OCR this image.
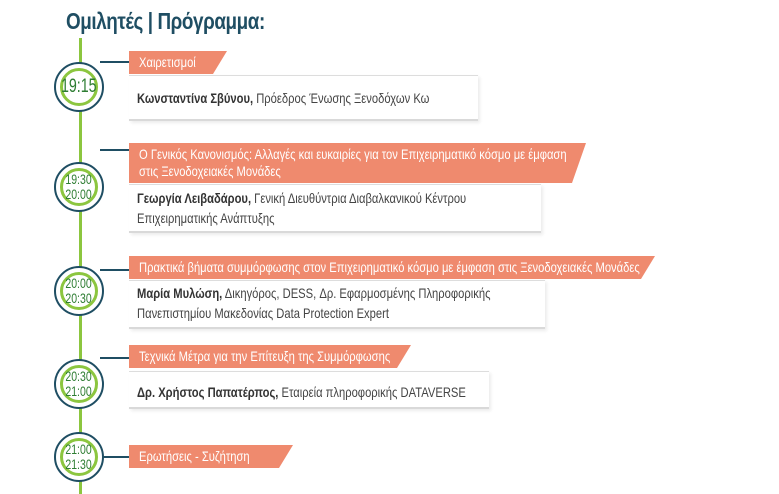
Ομιλητές | Πρόγραμμα:
19:15
Χαιρετισμοί
Κωνσταντίνα Σβύνου, Πρόεδρος Ένωσης Ξενοδόχων Κω
19:30
20:00
Ο Γενικός Κανονισμός: Αλλαγές και ευκαιρίες για τον Επιχειρηματικό κόσμο με έμφαση στις Ξενοδοχειακές Μονάδες
Γεωργία Λειβαδάρου, Γενική Διευθύντρια Διαβαλκανικού Κέντρου
Επιχειρηματικής Ανάπτυξης
20:00
20:30
Πρακτικά βήματα συμμόρφωσης στον Επιχειρηματικό κόσμο με έμφαση στις Ξενοδοχειακές Μονάδες
Μαρία Μυλώση, Δικηγόρος, DESS, Δρ. Εφαρμοσμένης Πληροφορικής
Πανεπιστημίου Μακεδονίας Data Protection Expert
20:30
21:00
Τεχνικά Μέτρα για την Επίτευξη της Συμμόρφωσης
Δρ. Χρήστος Παπατέρπος, Εταιρεία πληροφορικής DATAVERSE
21:00
21:30	Ερωτήσεις - Συζήτηση
